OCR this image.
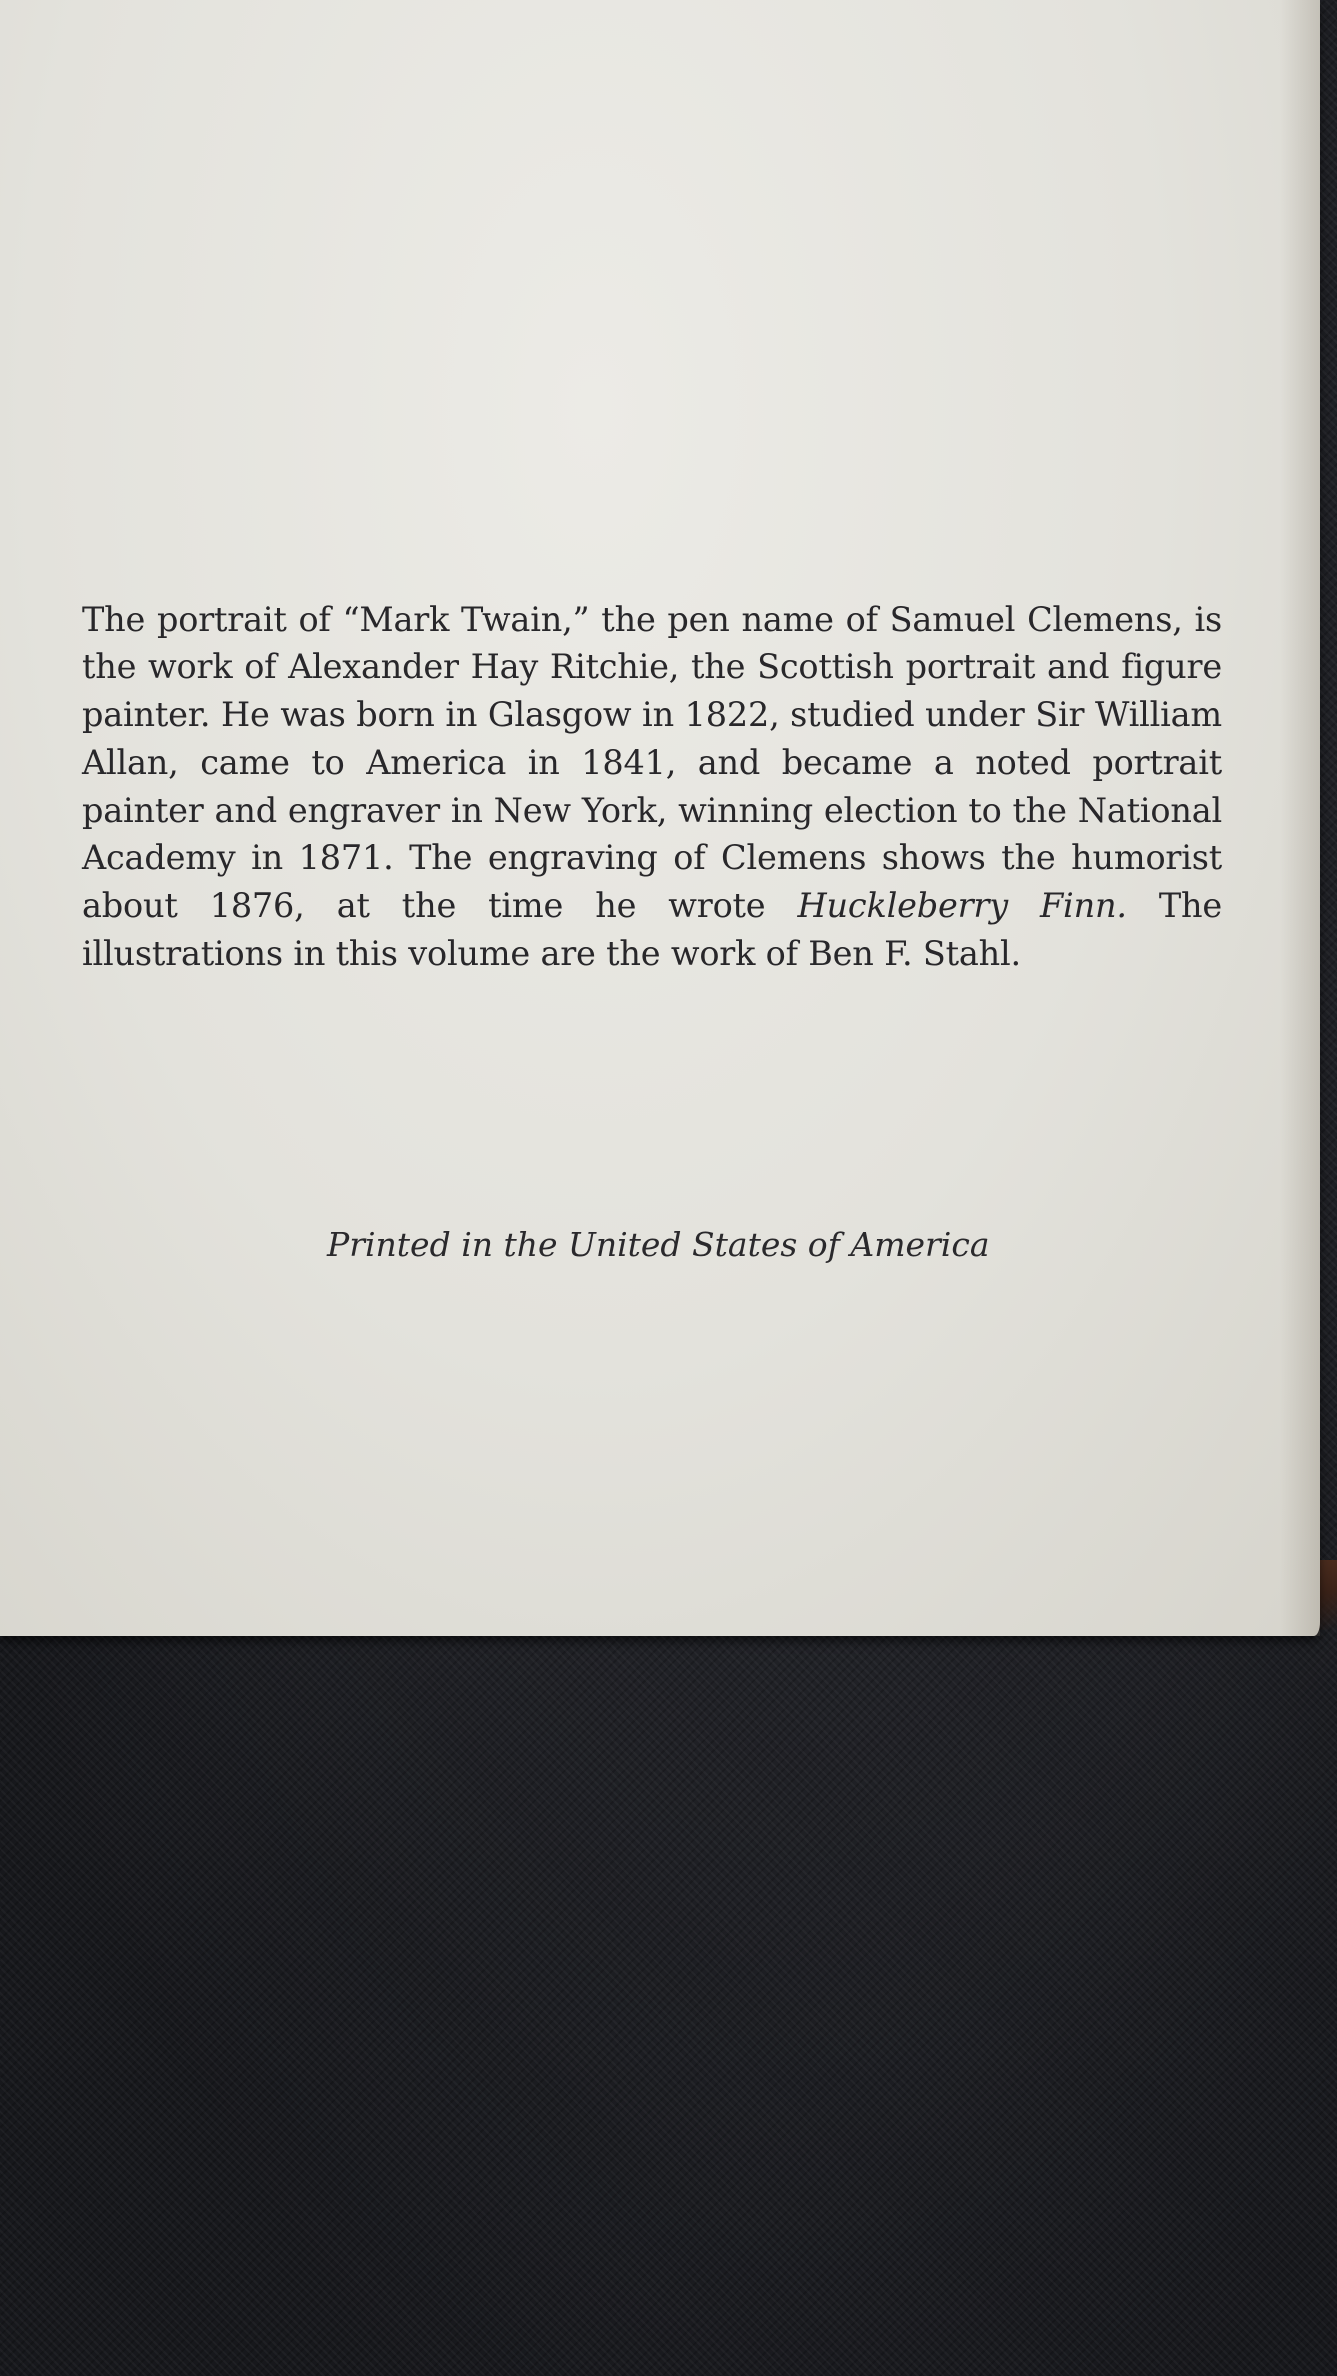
The portrait of “Mark Twain,” the pen name of Samuel Clemens, is the work of Alexander Hay Ritchie, the Scottish portrait and figure painter. He was born in Glasgow in 1822, studied under Sir William Allan, came to America in 1841, and became a noted portrait painter and engraver in New York, winning election to the National Academy in 1871. The engraving of Clemens shows the humorist about 1876, at the time he wrote Huckleberry Finn. The illustrations in this volume are the work of Ben F. Stahl.

Printed in the United States of America
